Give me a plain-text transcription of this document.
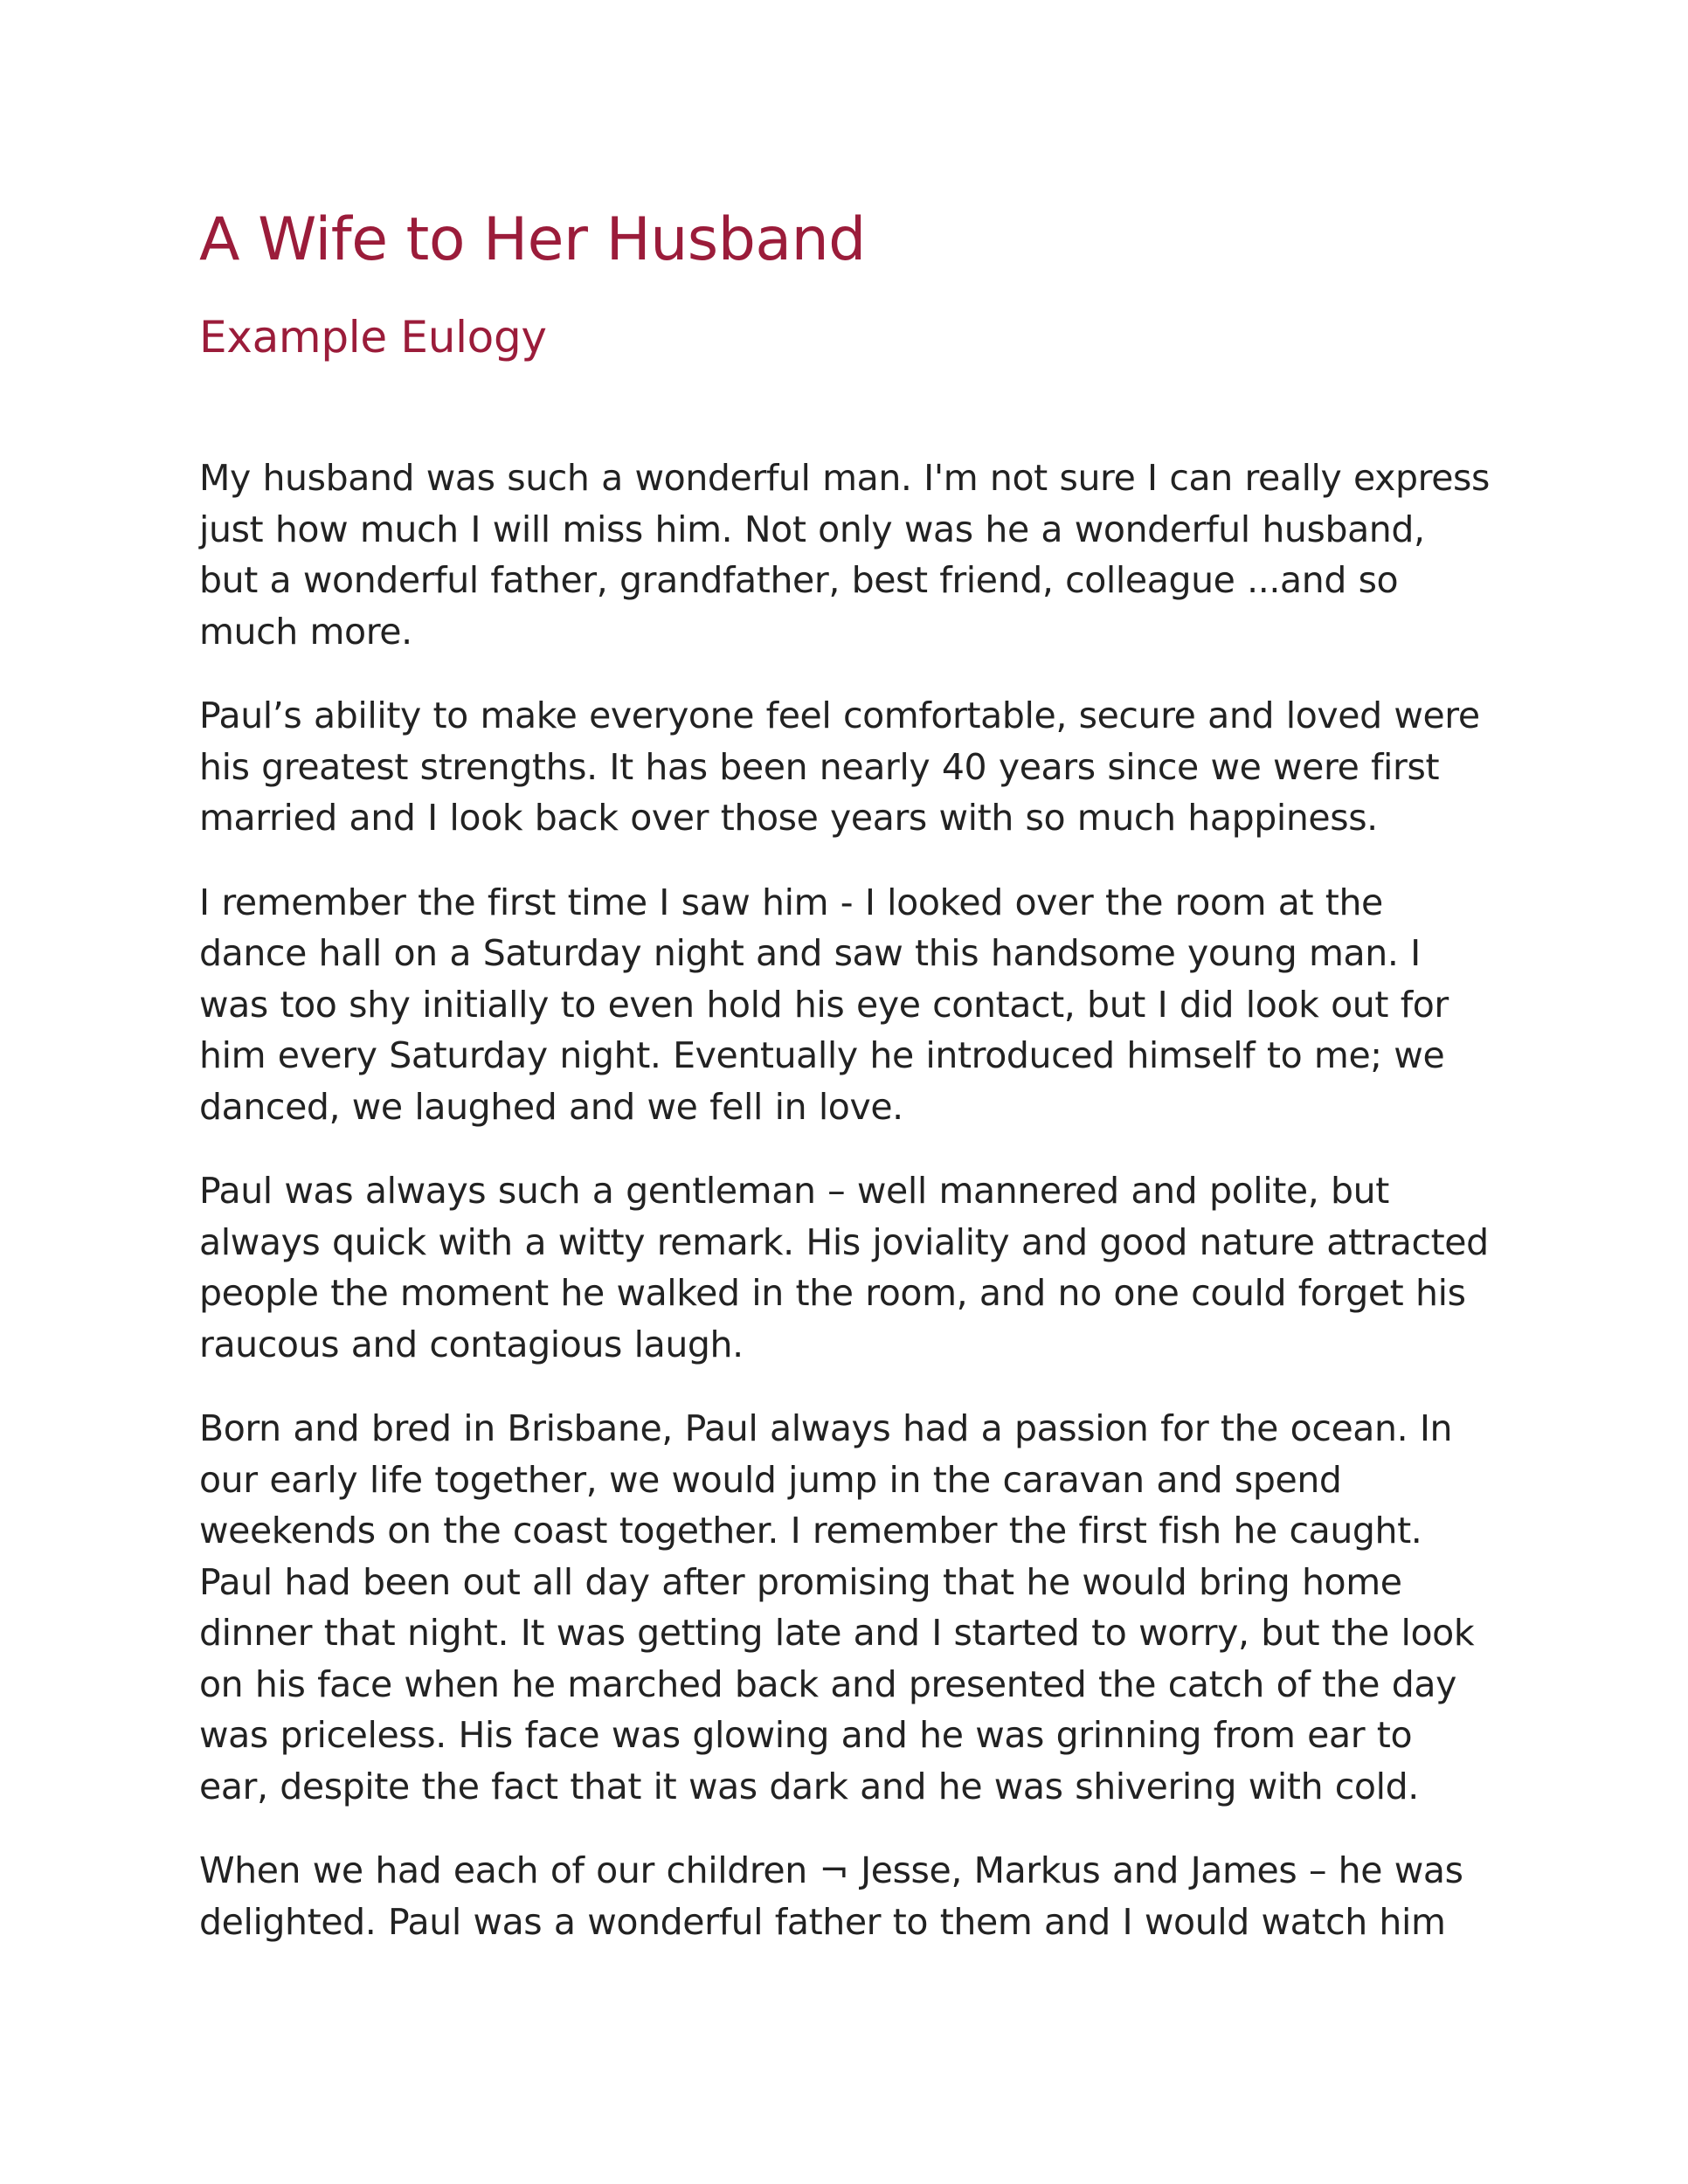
A Wife to Her Husband
Example Eulogy

My husband was such a wonderful man. I'm not sure I can really express just how much I will miss him. Not only was he a wonderful husband, but a wonderful father, grandfather, best friend, colleague ...and so much more.

Paul’s ability to make everyone feel comfortable, secure and loved were his greatest strengths. It has been nearly 40 years since we were first married and I look back over those years with so much happiness.

I remember the first time I saw him - I looked over the room at the dance hall on a Saturday night and saw this handsome young man. I was too shy initially to even hold his eye contact, but I did look out for him every Saturday night. Eventually he introduced himself to me; we danced, we laughed and we fell in love.

Paul was always such a gentleman – well mannered and polite, but always quick with a witty remark. His joviality and good nature attracted people the moment he walked in the room, and no one could forget his raucous and contagious laugh.

Born and bred in Brisbane, Paul always had a passion for the ocean. In our early life together, we would jump in the caravan and spend weekends on the coast together. I remember the first fish he caught. Paul had been out all day after promising that he would bring home dinner that night. It was getting late and I started to worry, but the look on his face when he marched back and presented the catch of the day was priceless. His face was glowing and he was grinning from ear to ear, despite the fact that it was dark and he was shivering with cold.

When we had each of our children ¬ Jesse, Markus and James – he was delighted. Paul was a wonderful father to them and I would watch him
